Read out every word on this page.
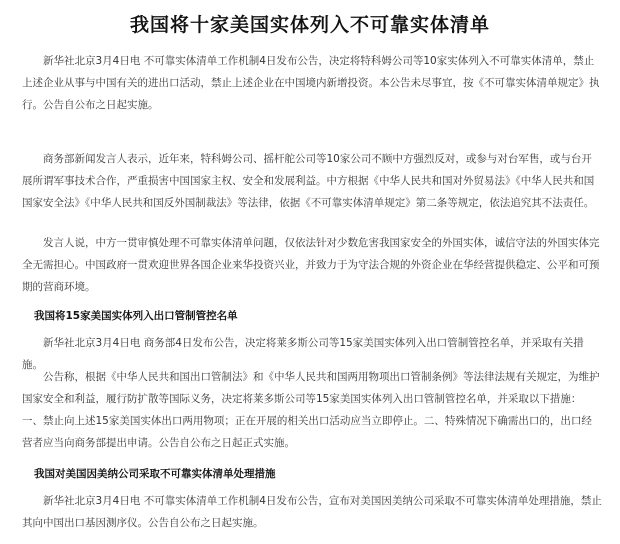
我国将十家美国实体列入不可靠实体清单

新华社北京3月4日电 不可靠实体清单工作机制4日发布公告，决定将特科姆公司等10家实体列入不可靠实体清单，禁止上述企业从事与中国有关的进出口活动，禁止上述企业在中国境内新增投资。本公告未尽事宜，按《不可靠实体清单规定》执行。公告自公布之日起实施。

商务部新闻发言人表示，近年来，特科姆公司、摇杆舵公司等10家公司不顾中方强烈反对，或参与对台军售，或与台开展所谓军事技术合作，严重损害中国国家主权、安全和发展利益。中方根据《中华人民共和国对外贸易法》《中华人民共和国国家安全法》《中华人民共和国反外国制裁法》等法律，依据《不可靠实体清单规定》第二条等规定，依法追究其不法责任。

发言人说，中方一贯审慎处理不可靠实体清单问题，仅依法针对少数危害我国家安全的外国实体，诚信守法的外国实体完全无需担心。中国政府一贯欢迎世界各国企业来华投资兴业，并致力于为守法合规的外资企业在华经营提供稳定、公平和可预期的营商环境。

我国将15家美国实体列入出口管制管控名单

新华社北京3月4日电 商务部4日发布公告，决定将莱多斯公司等15家美国实体列入出口管制管控名单，并采取有关措施。

公告称，根据《中华人民共和国出口管制法》和《中华人民共和国两用物项出口管制条例》等法律法规有关规定，为维护国家安全和利益，履行防扩散等国际义务，决定将莱多斯公司等15家美国实体列入出口管制管控名单，并采取以下措施：一、禁止向上述15家美国实体出口两用物项；正在开展的相关出口活动应当立即停止。二、特殊情况下确需出口的，出口经营者应当向商务部提出申请。公告自公布之日起正式实施。

我国对美国因美纳公司采取不可靠实体清单处理措施

新华社北京3月4日电 不可靠实体清单工作机制4日发布公告，宣布对美国因美纳公司采取不可靠实体清单处理措施，禁止其向中国出口基因测序仪。公告自公布之日起实施。
